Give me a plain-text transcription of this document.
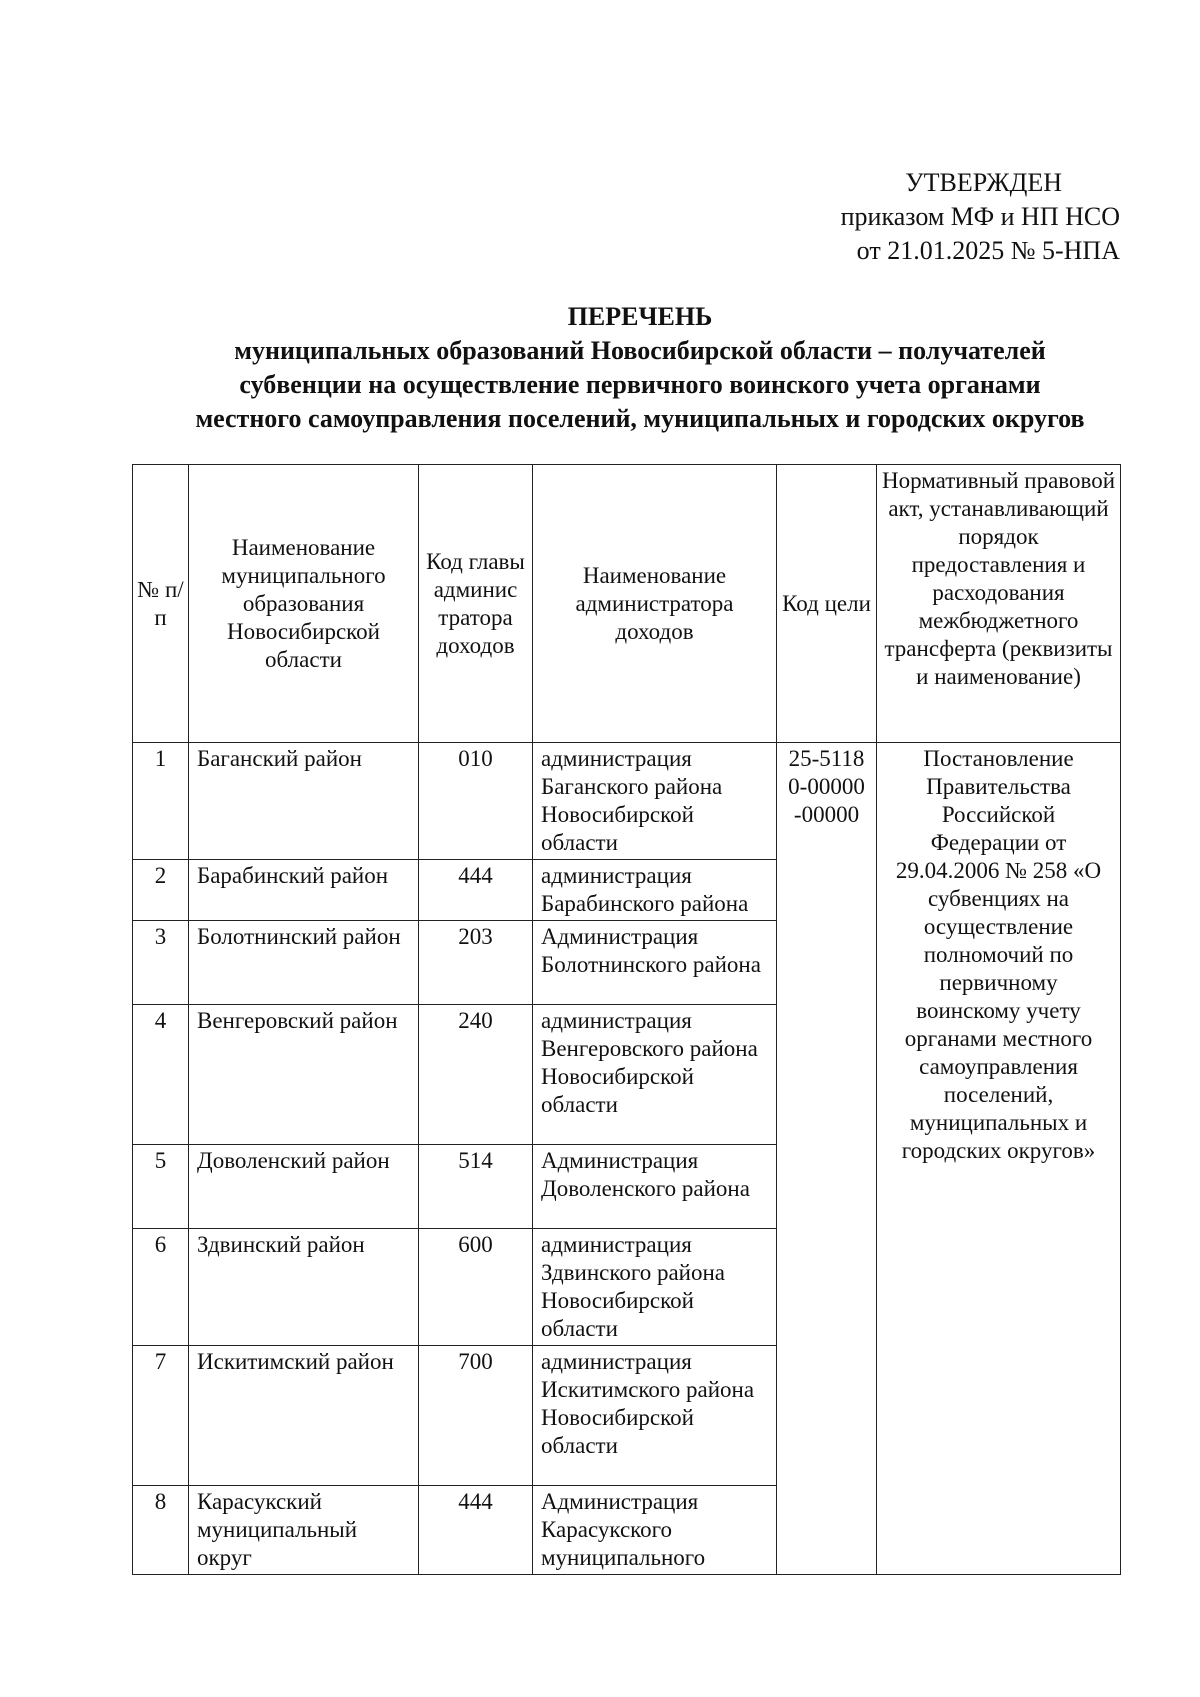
УТВЕРЖДЕН
приказом МФ и НП НСО
от 21.01.2025 № 5-НПА
ПЕРЕЧЕНЬ
муниципальных образований Новосибирской области – получателей
субвенции на осуществление первичного воинского учета органами
местного самоуправления поселений, муниципальных и городских округов
№ п/п	Наименование муниципального образования Новосибирской области	Код главы админис тратора доходов	Наименование администратора доходов	Код цели	Нормативный правовой акт, устанавливающий порядок предоставления и расходования межбюджетного трансферта (реквизиты и наименование)
1	Баганский район	010	администрация Баганского района Новосибирской области	25-51180-00000-00000	Постановление Правительства Российской Федерации от 29.04.2006 № 258 «О субвенциях на осуществление полномочий по первичному воинскому учету органами местного самоуправления поселений, муниципальных и городских округов»
2	Барабинский район	444	администрация Барабинского района		
3	Болотнинский район	203	Администрация Болотнинского района		
4	Венгеровский район	240	администрация Венгеровского района Новосибирской области		
5	Доволенский район	514	Администрация Доволенского района		
6	Здвинский район	600	администрация Здвинского района Новосибирской области		
7	Искитимский район	700	администрация Искитимского района Новосибирской области		
8	Карасукский муниципальный округ	444	Администрация Карасукского муниципального		
